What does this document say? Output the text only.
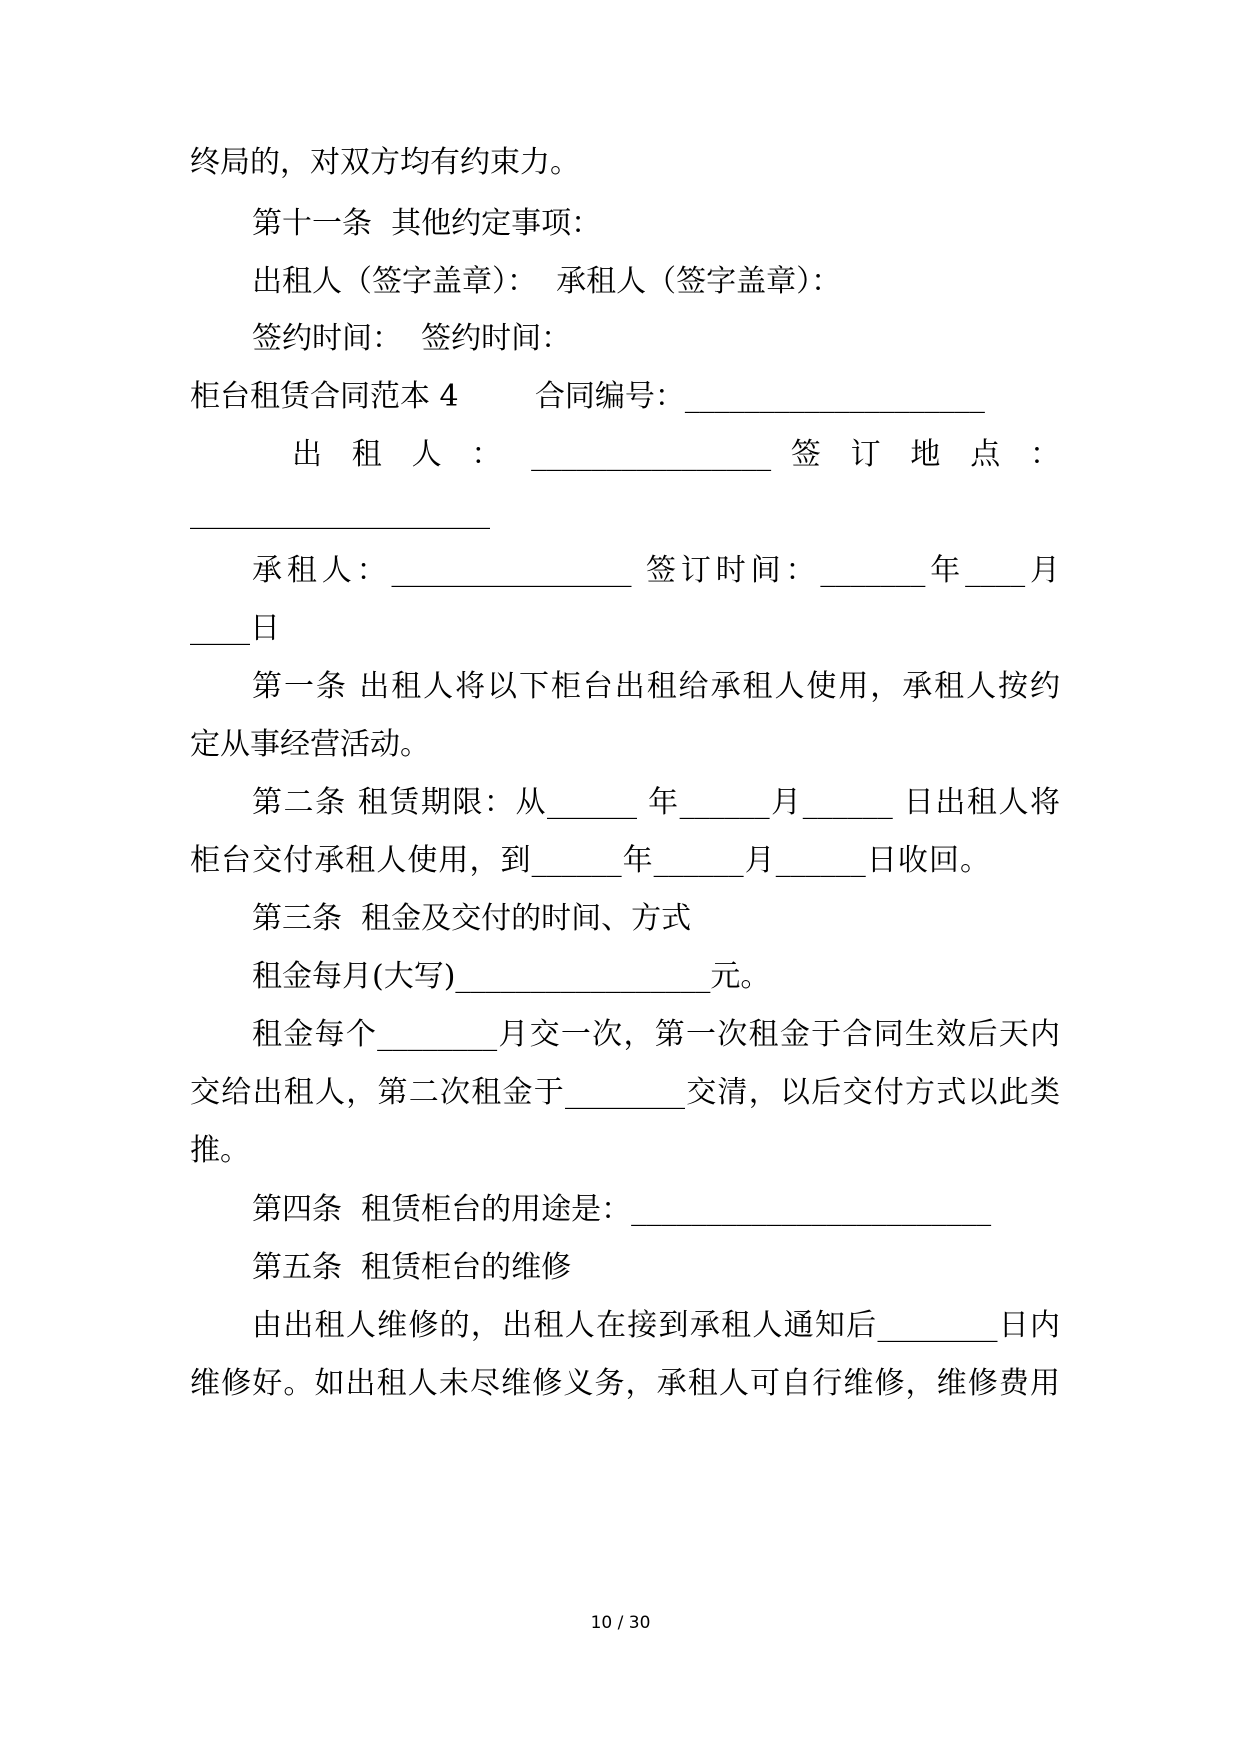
终局的，对双方均有约束力。
第十一条  其他约定事项：
出租人（签字盖章）：  承租人（签字盖章）：
签约时间：  签约时间：
柜台租赁合同范本 4        合同编号：____________________
出 租 人 ： ________________ 签 订 地 点 ：
____________________
承租人：________________ 签订时间：_______年____月
____日
第一条 出租人将以下柜台出租给承租人使用，承租人按约
定从事经营活动。
第二条 租赁期限：从______ 年______月______ 日出租人将
柜台交付承租人使用，到______年______月______日收回。
第三条  租金及交付的时间、方式
租金每月(大写)_________________元。
租金每个________月交一次，第一次租金于合同生效后天内
交给出租人，第二次租金于________交清，以后交付方式以此类
推。
第四条  租赁柜台的用途是：________________________
第五条  租赁柜台的维修
由出租人维修的，出租人在接到承租人通知后________日内
维修好。如出租人未尽维修义务，承租人可自行维修，维修费用
10 / 30
